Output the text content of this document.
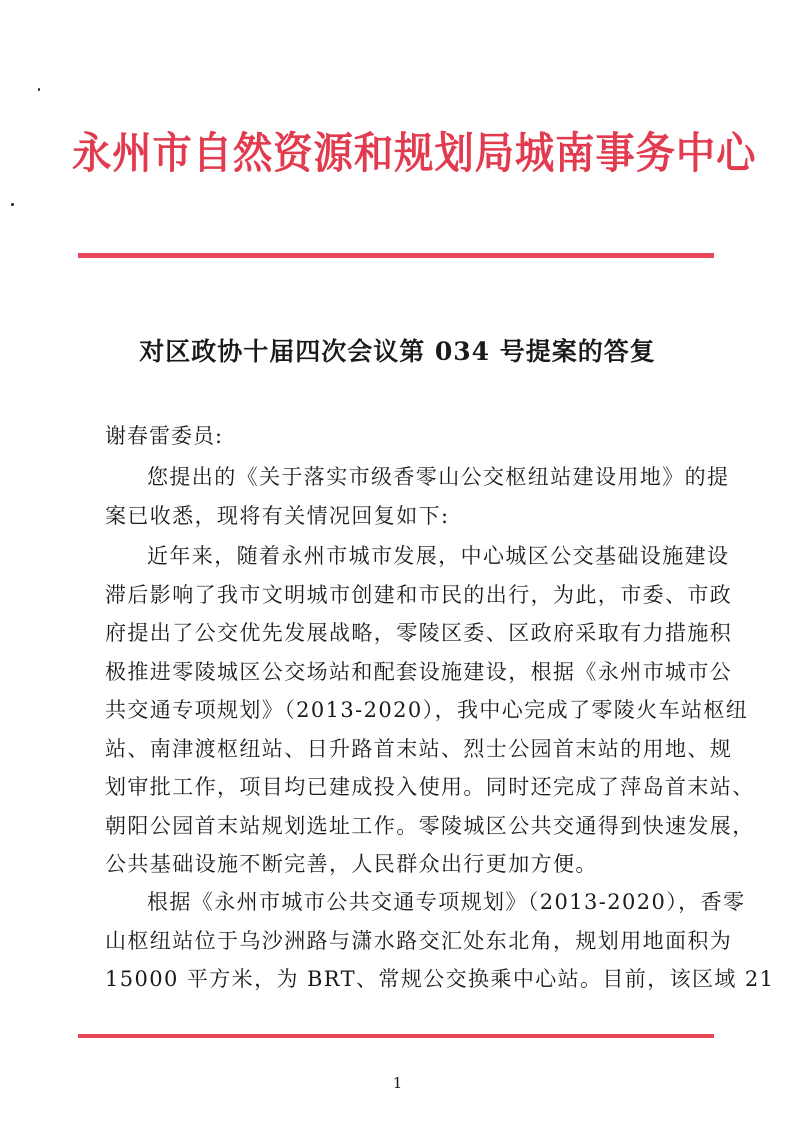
永州市自然资源和规划局城南事务中心
对区政协十届四次会议第 034 号提案的答复
谢春雷委员:
您提出的《关于落实市级香零山公交枢纽站建设用地》的提
案已收悉，现将有关情况回复如下:
近年来，随着永州市城市发展，中心城区公交基础设施建设
滞后影响了我市文明城市创建和市民的出行，为此，市委、市政
府提出了公交优先发展战略，零陵区委、区政府采取有力措施积
极推进零陵城区公交场站和配套设施建设，根据《永州市城市公
共交通专项规划》（2013-2020），我中心完成了零陵火车站枢纽
站、南津渡枢纽站、日升路首末站、烈士公园首末站的用地、规
划审批工作，项目均已建成投入使用。同时还完成了萍岛首末站、
朝阳公园首末站规划选址工作。零陵城区公共交通得到快速发展，
公共基础设施不断完善，人民群众出行更加方便。
根据《永州市城市公共交通专项规划》（2013-2020），香零
山枢纽站位于乌沙洲路与潇水路交汇处东北角，规划用地面积为
15000 平方米，为 BRT、常规公交换乘中心站。目前，该区域 21
1
